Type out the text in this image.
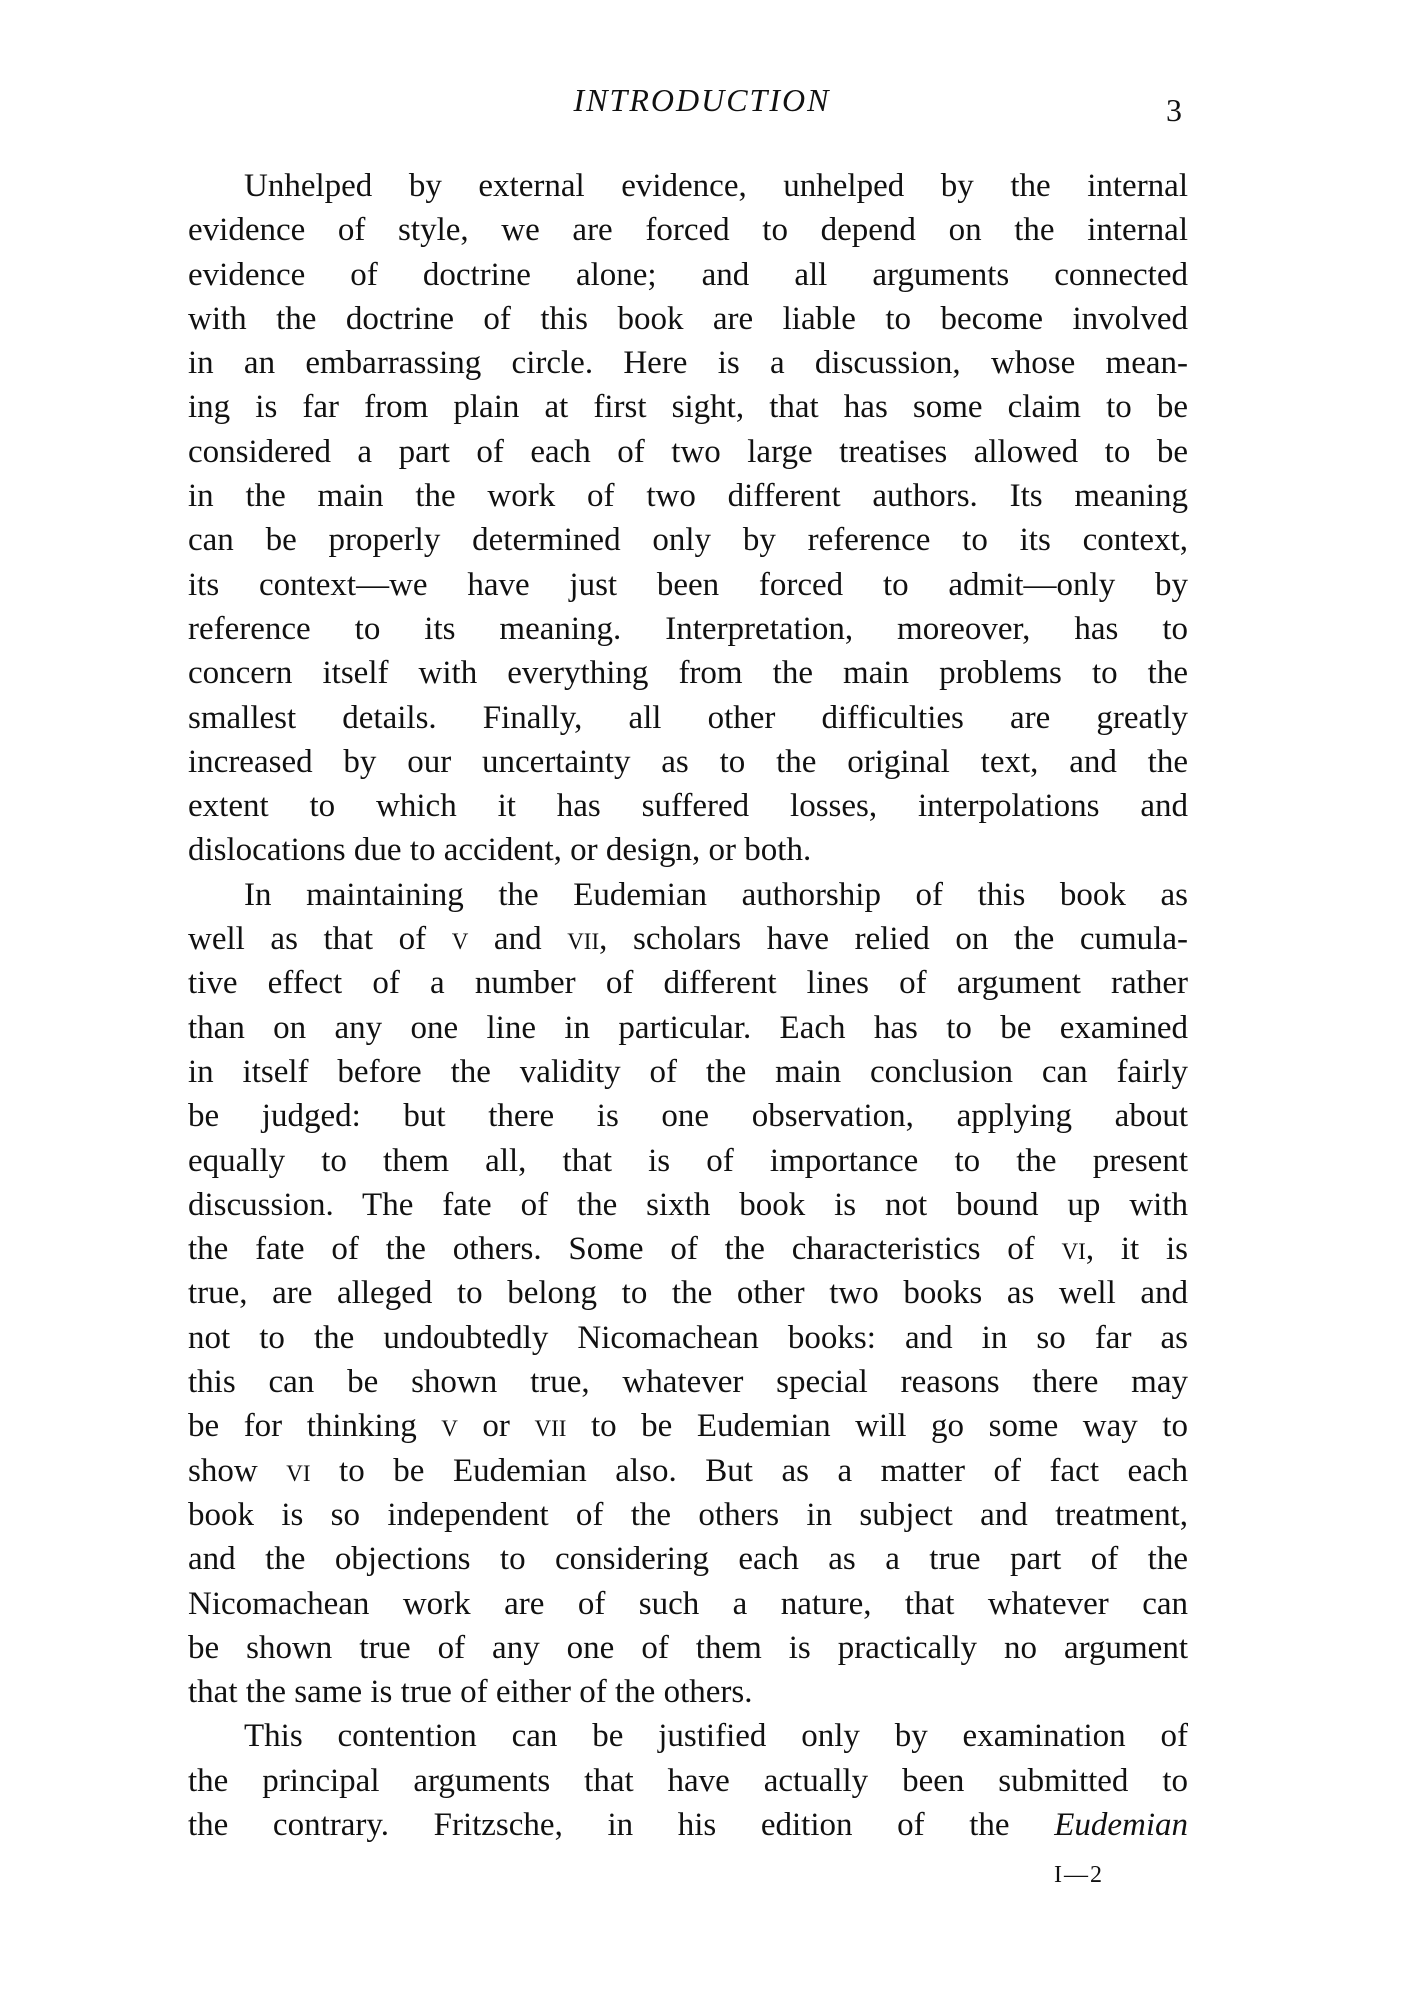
INTRODUCTION	3
Unhelped by external evidence, unhelped by the internal
evidence of style, we are forced to depend on the internal
evidence of doctrine alone; and all arguments connected
with the doctrine of this book are liable to become involved
in an embarrassing circle. Here is a discussion, whose mean-
ing is far from plain at first sight, that has some claim to be
considered a part of each of two large treatises allowed to be
in the main the work of two different authors. Its meaning
can be properly determined only by reference to its context,
its context—we have just been forced to admit—only by
reference to its meaning. Interpretation, moreover, has to
concern itself with everything from the main problems to the
smallest details. Finally, all other difficulties are greatly
increased by our uncertainty as to the original text, and the
extent to which it has suffered losses, interpolations and
dislocations due to accident, or design, or both.
In maintaining the Eudemian authorship of this book as
well as that of v and vii, scholars have relied on the cumula-
tive effect of a number of different lines of argument rather
than on any one line in particular. Each has to be examined
in itself before the validity of the main conclusion can fairly
be judged: but there is one observation, applying about
equally to them all, that is of importance to the present
discussion. The fate of the sixth book is not bound up with
the fate of the others. Some of the characteristics of vi, it is
true, are alleged to belong to the other two books as well and
not to the undoubtedly Nicomachean books: and in so far as
this can be shown true, whatever special reasons there may
be for thinking v or vii to be Eudemian will go some way to
show vi to be Eudemian also. But as a matter of fact each
book is so independent of the others in subject and treatment,
and the objections to considering each as a true part of the
Nicomachean work are of such a nature, that whatever can
be shown true of any one of them is practically no argument
that the same is true of either of the others.
This contention can be justified only by examination of
the principal arguments that have actually been submitted to
the contrary. Fritzsche, in his edition of the Eudemian
I—2
